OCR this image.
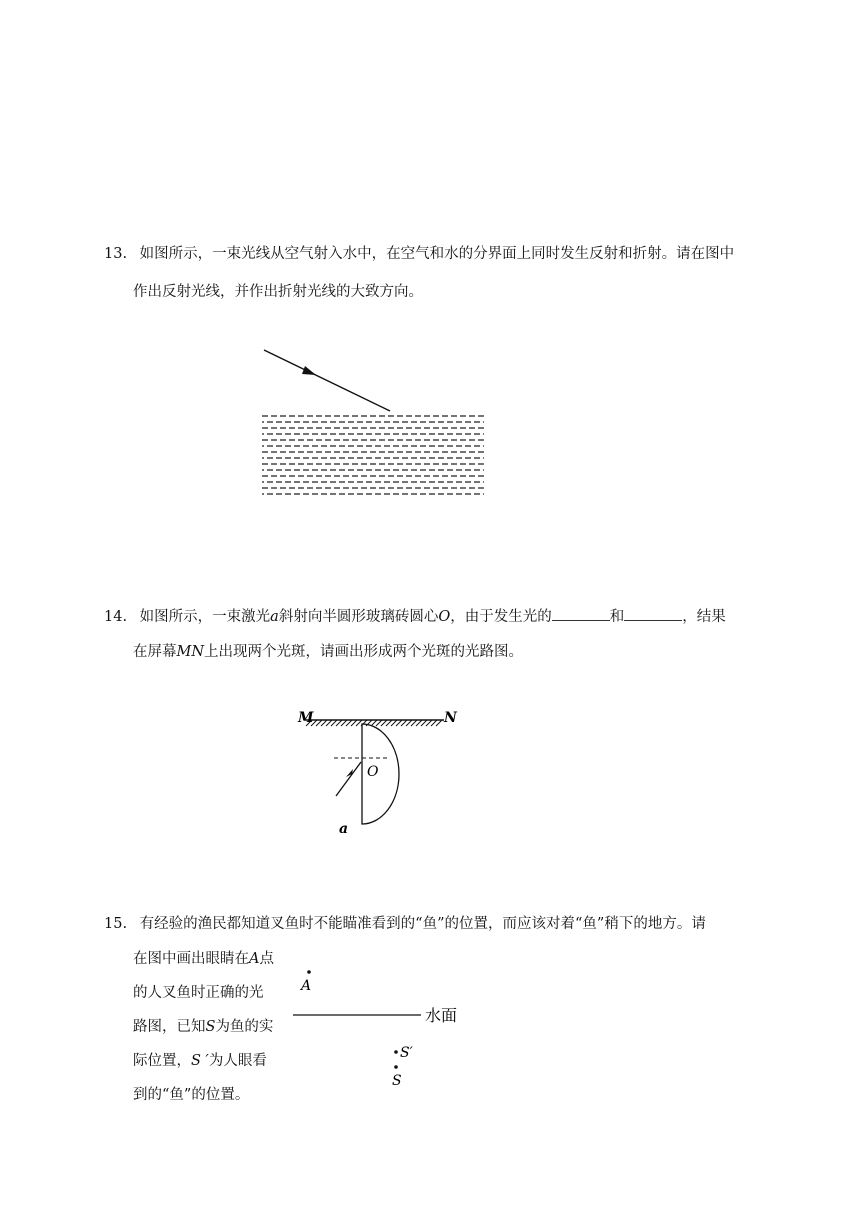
13. 如图所示，一束光线从空气射入水中，在空气和水的分界面上同时发生反射和折射。请在图中
作出反射光线，并作出折射光线的大致方向。
14. 如图所示，一束激光a斜射向半圆形玻璃砖圆心O，由于发生光的	和	，结果
在屏幕MN上出现两个光斑，请画出形成两个光斑的光路图。
M	N
O
a
15. 有经验的渔民都知道叉鱼时不能瞄准看到的“鱼”的位置，而应该对着“鱼”稍下的地方。请
在图中画出眼睛在A点
的人叉鱼时正确的光
路图，已知S为鱼的实
际位置，S ′为人眼看
到的“鱼”的位置。
A
水面
S′
S
